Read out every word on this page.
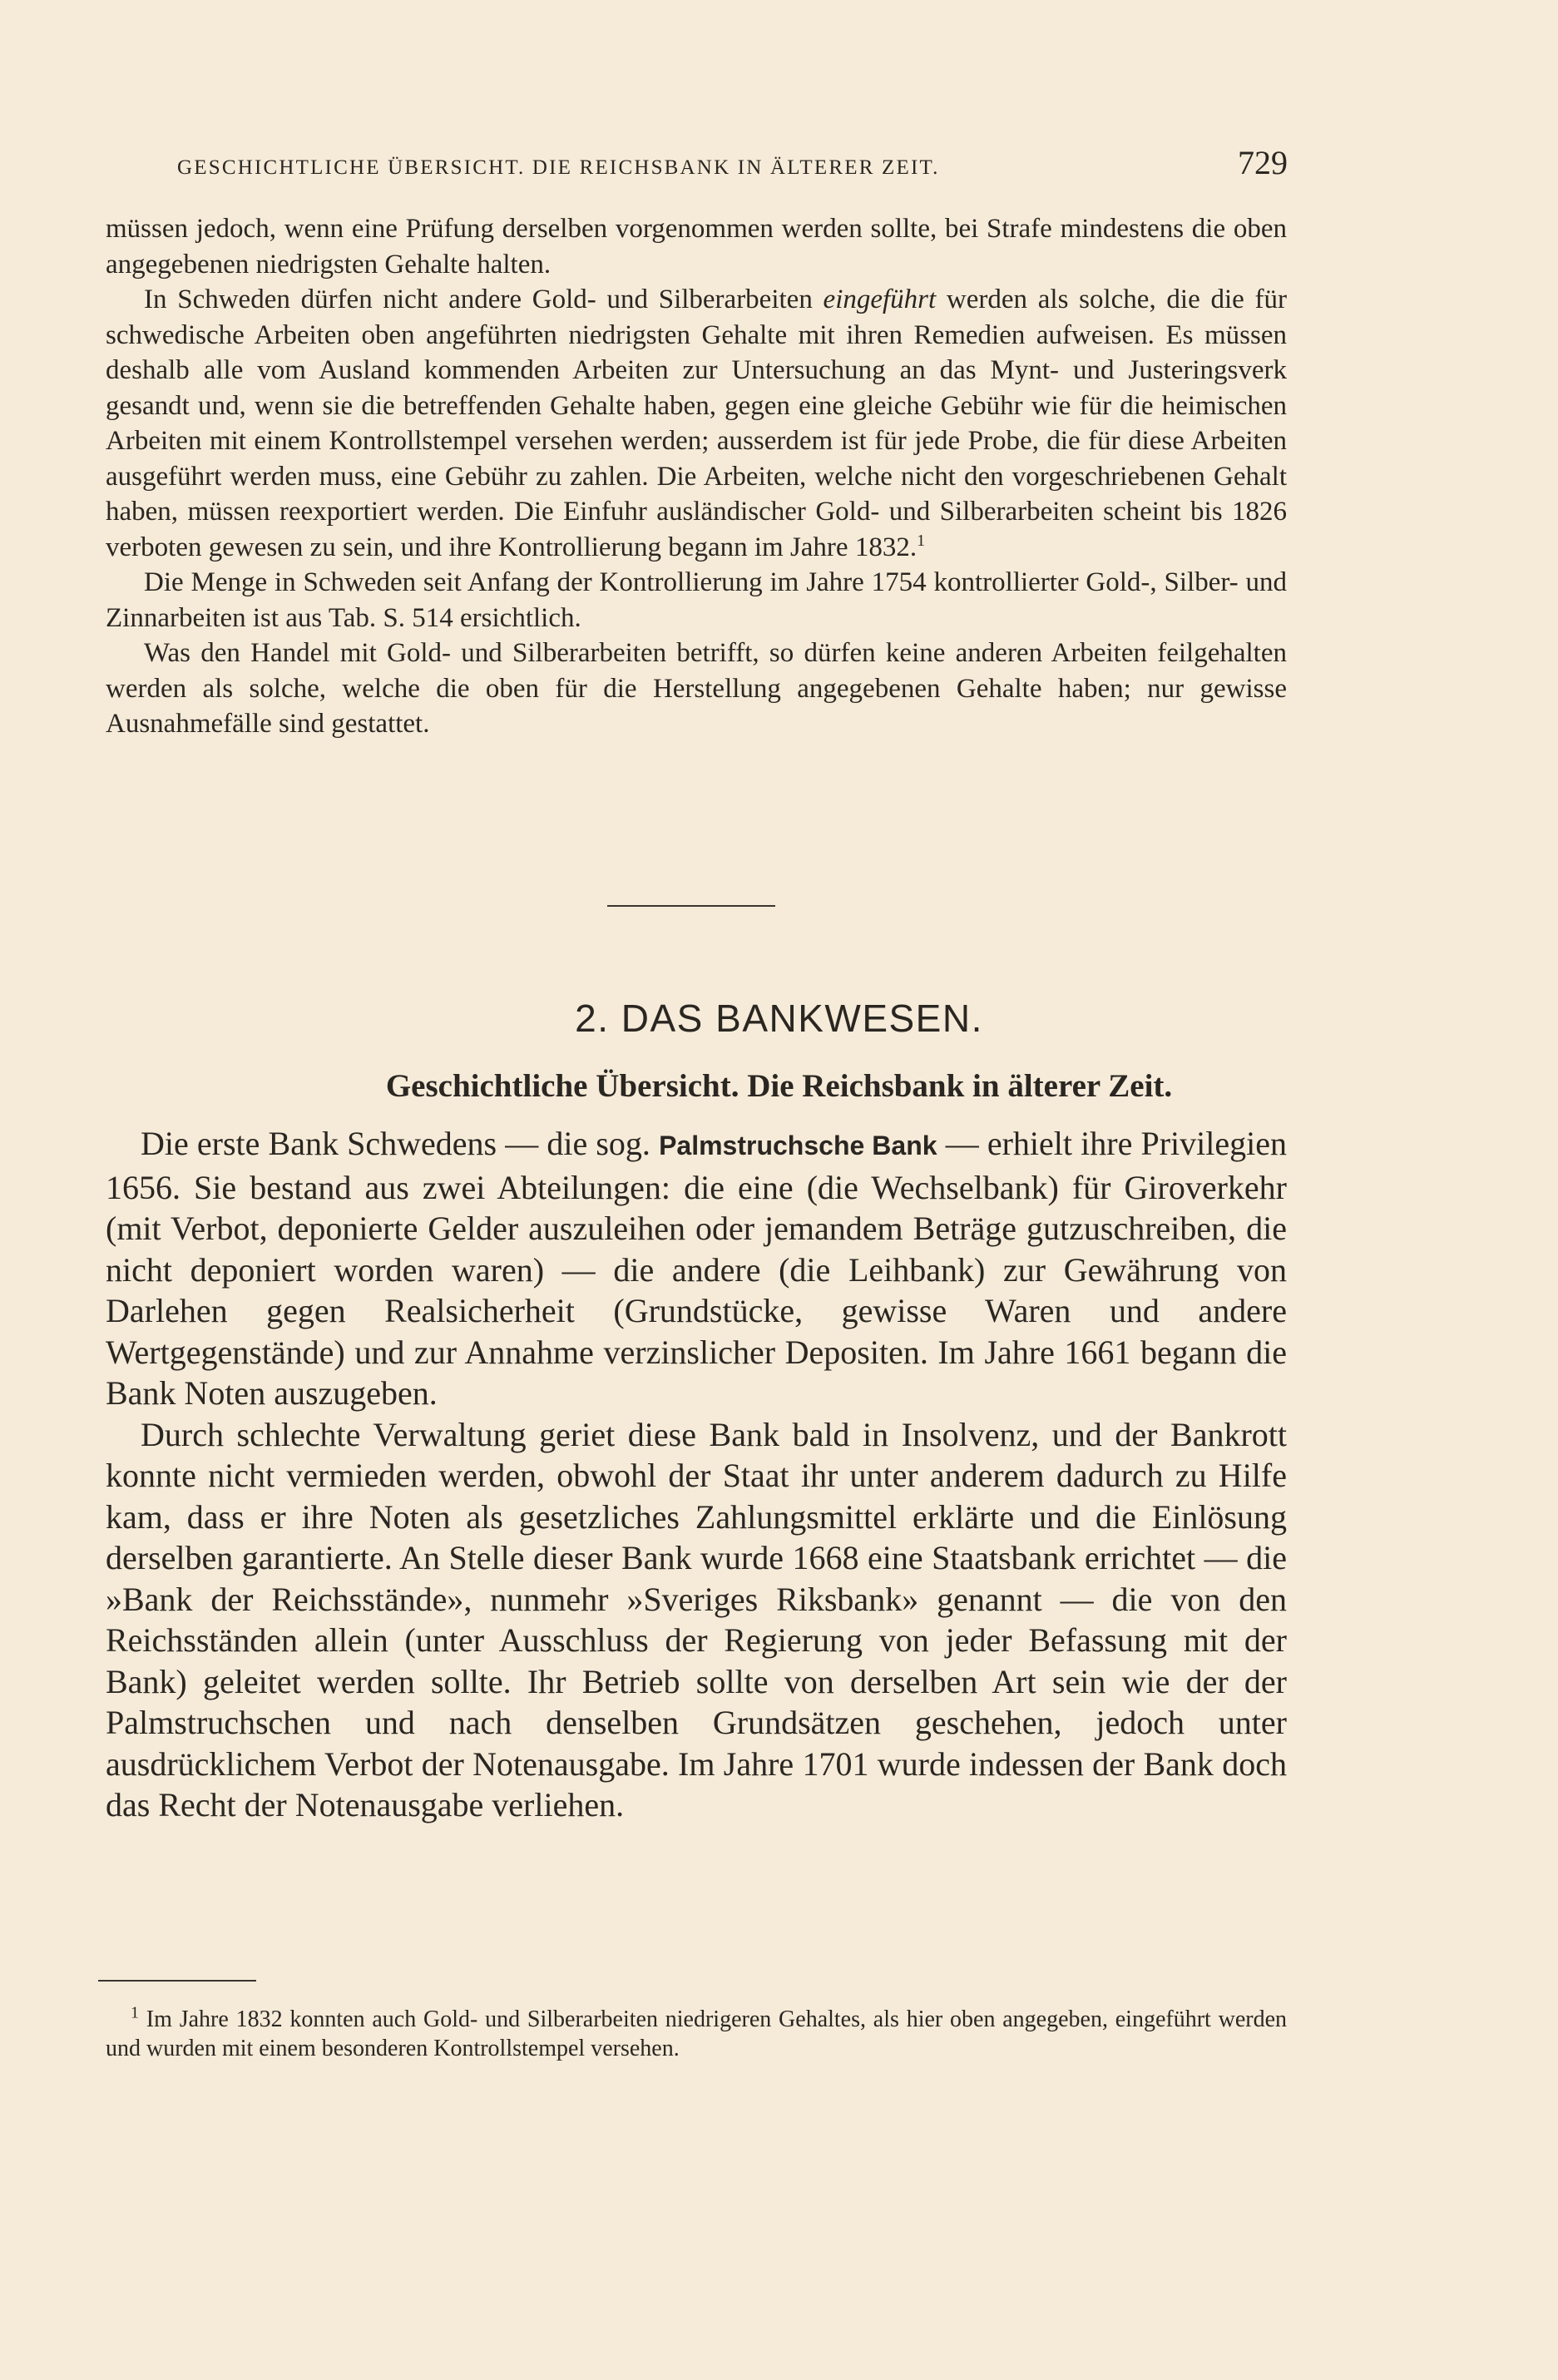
GESCHICHTLICHE ÜBERSICHT. DIE REICHSBANK IN ÄLTERER ZEIT.	729

müssen jedoch, wenn eine Prüfung derselben vorgenommen werden sollte, bei Strafe mindestens die oben angegebenen niedrigsten Gehalte halten.

In Schweden dürfen nicht andere Gold- und Silberarbeiten eingeführt werden als solche, die die für schwedische Arbeiten oben angeführten niedrigsten Gehalte mit ihren Remedien aufweisen. Es müssen deshalb alle vom Ausland kommenden Arbeiten zur Untersuchung an das Mynt- und Justeringsverk gesandt und, wenn sie die betreffenden Gehalte haben, gegen eine gleiche Gebühr wie für die heimischen Arbeiten mit einem Kontrollstempel versehen werden; ausserdem ist für jede Probe, die für diese Arbeiten ausgeführt werden muss, eine Gebühr zu zahlen. Die Arbeiten, welche nicht den vorgeschriebenen Gehalt haben, müssen reexportiert werden. Die Einfuhr ausländischer Gold- und Silberarbeiten scheint bis 1826 verboten gewesen zu sein, und ihre Kontrollierung begann im Jahre 1832.$^1$

Die Menge in Schweden seit Anfang der Kontrollierung im Jahre 1754 kontrollierter Gold-, Silber- und Zinnarbeiten ist aus Tab. S. 514 ersichtlich.

Was den Handel mit Gold- und Silberarbeiten betrifft, so dürfen keine anderen Arbeiten feilgehalten werden als solche, welche die oben für die Herstellung angegebenen Gehalte haben; nur gewisse Ausnahmefälle sind gestattet.

2. DAS BANKWESEN.
Geschichtliche Übersicht. Die Reichsbank in älterer Zeit.

Die erste Bank Schwedens — die sog. Palmstruchsche Bank — erhielt ihre Privilegien 1656. Sie bestand aus zwei Abteilungen: die eine (die Wechselbank) für Giroverkehr (mit Verbot, deponierte Gelder auszuleihen oder jemandem Beträge gutzuschreiben, die nicht deponiert worden waren) — die andere (die Leihbank) zur Gewährung von Darlehen gegen Realsicherheit (Grundstücke, gewisse Waren und andere Wertgegenstände) und zur Annahme verzinslicher Depositen. Im Jahre 1661 begann die Bank Noten auszugeben.

Durch schlechte Verwaltung geriet diese Bank bald in Insolvenz, und der Bankrott konnte nicht vermieden werden, obwohl der Staat ihr unter anderem dadurch zu Hilfe kam, dass er ihre Noten als gesetzliches Zahlungsmittel erklärte und die Einlösung derselben garantierte. An Stelle dieser Bank wurde 1668 eine Staatsbank errichtet — die »Bank der Reichsstände», nunmehr »Sveriges Riksbank» genannt — die von den Reichsständen allein (unter Ausschluss der Regierung von jeder Befassung mit der Bank) geleitet werden sollte. Ihr Betrieb sollte von derselben Art sein wie der der Palmstruchschen und nach denselben Grundsätzen geschehen, jedoch unter ausdrücklichem Verbot der Notenausgabe. Im Jahre 1701 wurde indessen der Bank doch das Recht der Notenausgabe verliehen.

$^1$ Im Jahre 1832 konnten auch Gold- und Silberarbeiten niedrigeren Gehaltes, als hier oben angegeben, eingeführt werden und wurden mit einem besonderen Kontrollstempel versehen.
